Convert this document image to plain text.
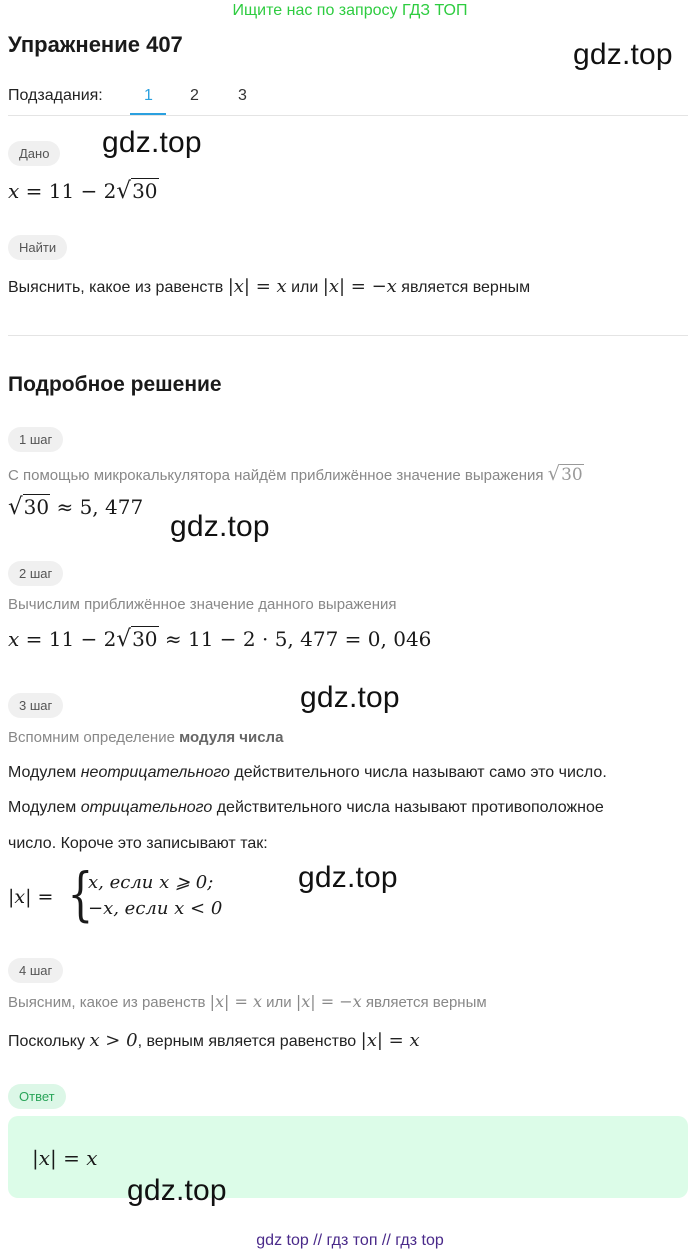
Ищите нас по запросу ГДЗ ТОП
Упражнение 407	gdz.top
Подзадания:	1 2 3
Дано	gdz.top
x = 11 − 2√30
Найти
Выяснить, какое из равенств |x| = x или |x| = −x является верным
Подробное решение
1 шаг
С помощью микрокалькулятора найдём приближённое значение выражения √30
√30 ≈ 5, 477
gdz.top
2 шаг
Вычислим приближённое значение данного выражения
x = 11 − 2√30 ≈ 11 − 2 · 5, 477 = 0, 046
gdz.top
3 шаг
Вспомним определение модуля числа
Модулем неотрицательного действительного числа называют само это число.
Модулем отрицательного действительного числа называют противоположное
число. Короче это записывают так:
|x| = {
x, если x ⩾ 0;
−x, если x < 0
gdz.top
4 шаг
Выясним, какое из равенств |x| = x или |x| = −x является верным
Поскольку x > 0, верным является равенство |x| = x
Ответ
|x| = x
gdz.top
gdz top // гдз топ // гдз top
